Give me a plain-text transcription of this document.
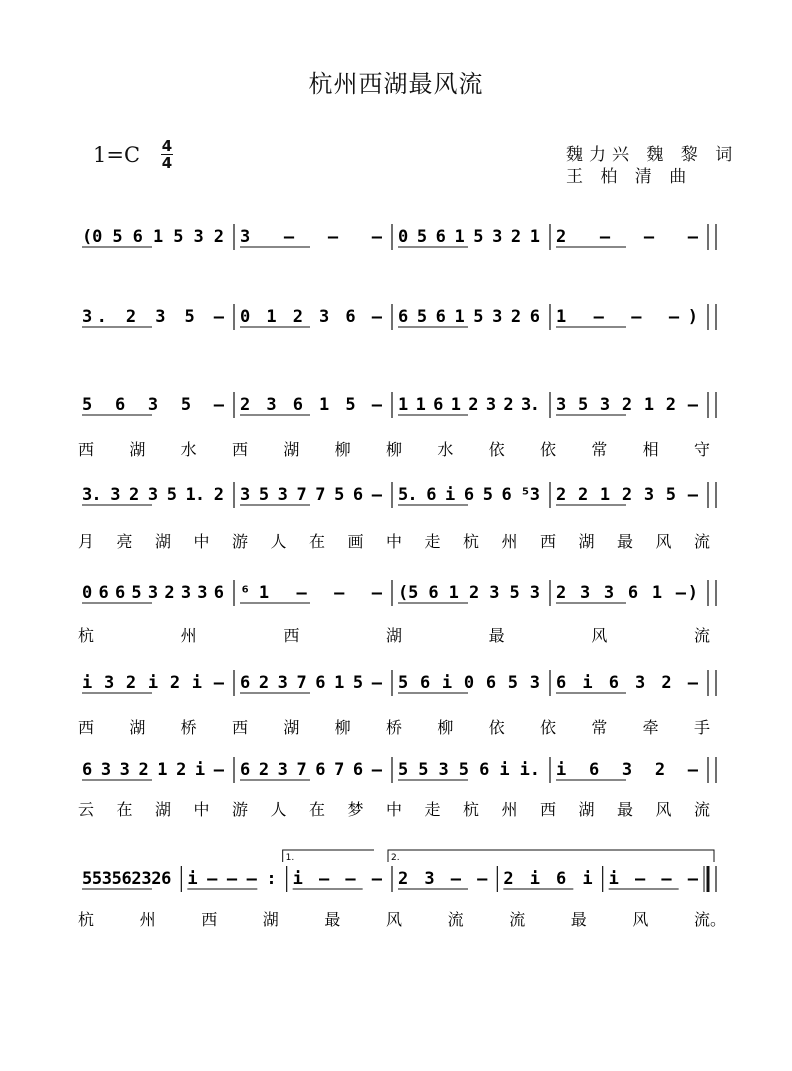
杭州西湖最风流
1=C 4
4	魏力兴 魏 黎 词
王 柏 清 曲
(0 5 6 1 5 3 2 3 – – – 0 5 6 1 5 3 2 1 2 – – –
3. 2 3 5 – 0 1 2 3 6 – 6 5 6 1 5 3 2 6 1 – – –)
5 6 3 5 – 2 3 6 1 5 – 1 1 6 1 2 3 2 3. 3 5 3 2 1 2 –
西 湖 水 西 湖 柳 柳 水 依 依 常 相 守
3. 3 2 3 5 1. 2 3 5 3 7 7 5 6 – 5. 6 i 6 5 6 ⁵3 2 2 1 2 3 5 –
月 亮 湖 中 游 人 在 画 中 走 杭 州 西 湖 最 风 流
0 6 6 5 3 2 3 3 6 ⁶1 – – – (5 6 1 2 3 5 3 2 3 3 6 1 –)
杭	州	西	湖	最	风	流
i 3 2 i 2 i – 6 2 3 7 6 1 5 – 5 6 i 0 6 5 3 6 i 6 3 2 –
西 湖 桥 西 湖 柳 桥 柳 依 依 常 牵 手
6 3 3 2 1 2 i – 6 2 3 7 6 7 6 – 5 5 3 5 6 i i. i 6 3 2 –
云 在 湖 中 游 人 在 梦 中 走 杭 州 西 湖 最 风 流
5 5 3 5 6 2 3 2 6 i – – – : i – – – 2 3 – – 2 i 6 i i – – –
1.	2.
杭	州	西	湖	最	风	流	流	最	风	流。
